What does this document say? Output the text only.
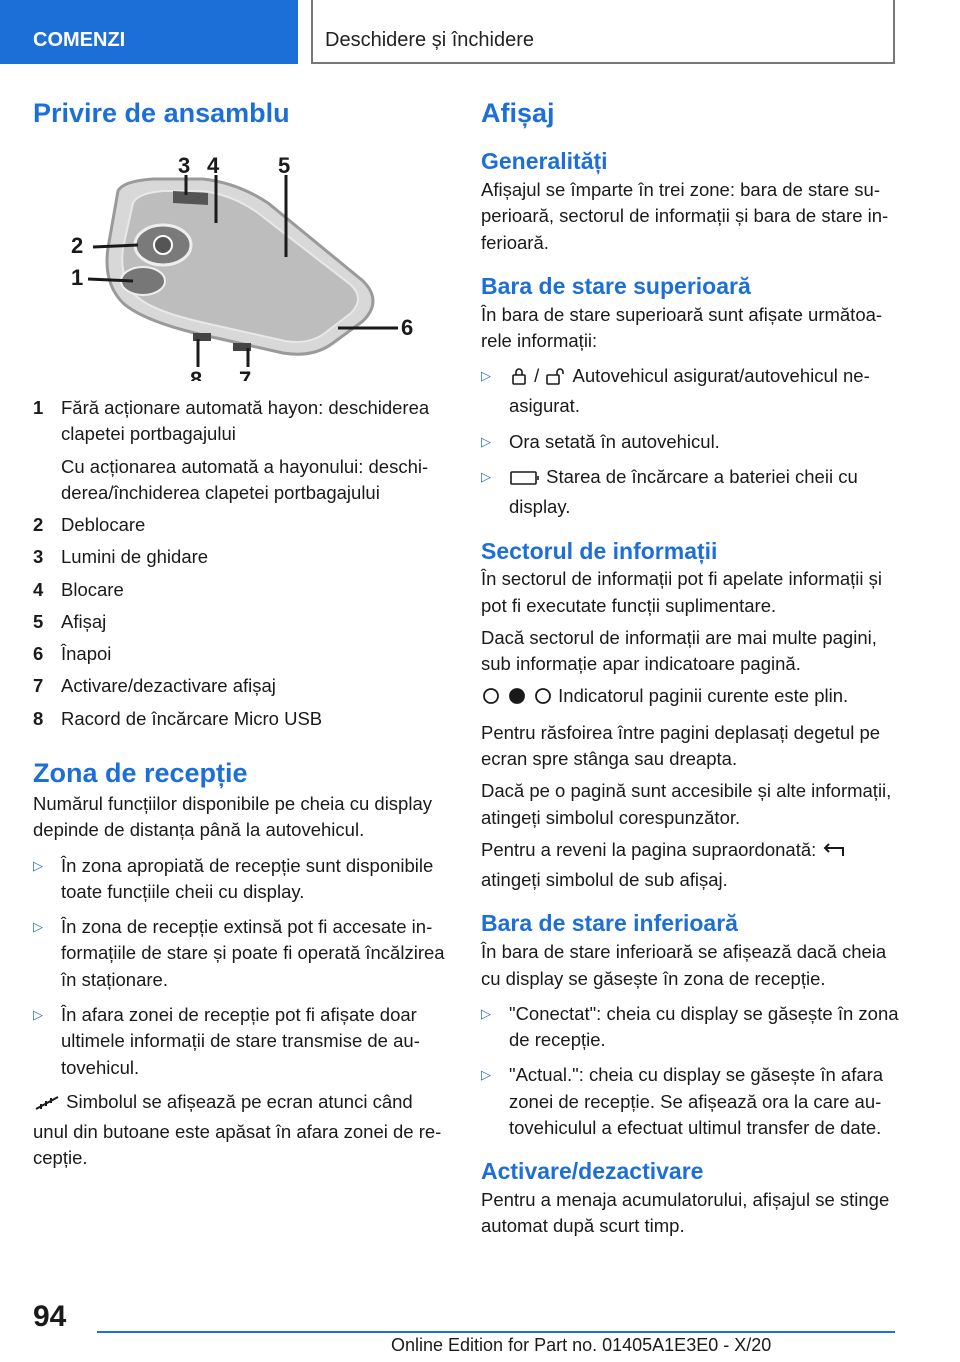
COMENZI	Deschidere și închidere
Privire de ansamblu
3 4	5
2
1
6
7
8
1 Fără acționare automată hayon: deschiderea clapetei portbagajului

Cu acționarea automată a hayonului: deschiderea/închiderea clapetei portbagajului

2 Deblocare

3 Lumini de ghidare

4 Blocare

5 Afișaj

6 Înapoi

7 Activare/dezactivare afișaj

8 Racord de încărcare Micro USB

Zona de recepție

Numărul funcțiilor disponibile pe cheia cu display depinde de distanța până la autovehicul.

▷ În zona apropiată de recepție sunt disponibile toate funcțiile cheii cu display.
▷ În zona de recepție extinsă pot fi accesate informațiile de stare și poate fi operată încălzirea în staționare.
▷ În afara zonei de recepție pot fi afișate doar ultimele informații de stare transmise de autovehicul.

Simbolul se afișează pe ecran atunci când unul din butoane este apăsat în afara zonei de recepție.

Afișaj
Generalități

Afișajul se împarte în trei zone: bara de stare superioară, sectorul de informații și bara de stare inferioară.

Bara de stare superioară

În bara de stare superioară sunt afișate următoarele informații:

▷	/ Autovehicul asigurat/autovehicul neasigurat.
▷ Ora setată în autovehicul.
▷	Starea de încărcare a bateriei cheii cu display.
Sectorul de informații

În sectorul de informații pot fi apelate informații și pot fi executate funcții suplimentare.

Dacă sectorul de informații are mai multe pagini, sub informație apar indicatoare pagină.

Indicatorul paginii curente este plin.

Pentru răsfoirea între pagini deplasați degetul pe ecran spre stânga sau dreapta.

Dacă pe o pagină sunt accesibile și alte informații, atingeți simbolul corespunzător.

Pentru a reveni la pagina supraordonată:
atingeți simbolul de sub afișaj.

Bara de stare inferioară

În bara de stare inferioară se afișează dacă cheia cu display se găsește în zona de recepție.

▷ "Conectat": cheia cu display se găsește în zona de recepție.
▷ "Actual.": cheia cu display se găsește în afara zonei de recepție. Se afișează ora la care autovehiculul a efectuat ultimul transfer de date.
Activare/dezactivare

Pentru a menaja acumulatorului, afișajul se stinge automat după scurt timp.

94
Online Edition for Part no. 01405A1E3E0 - X/20
